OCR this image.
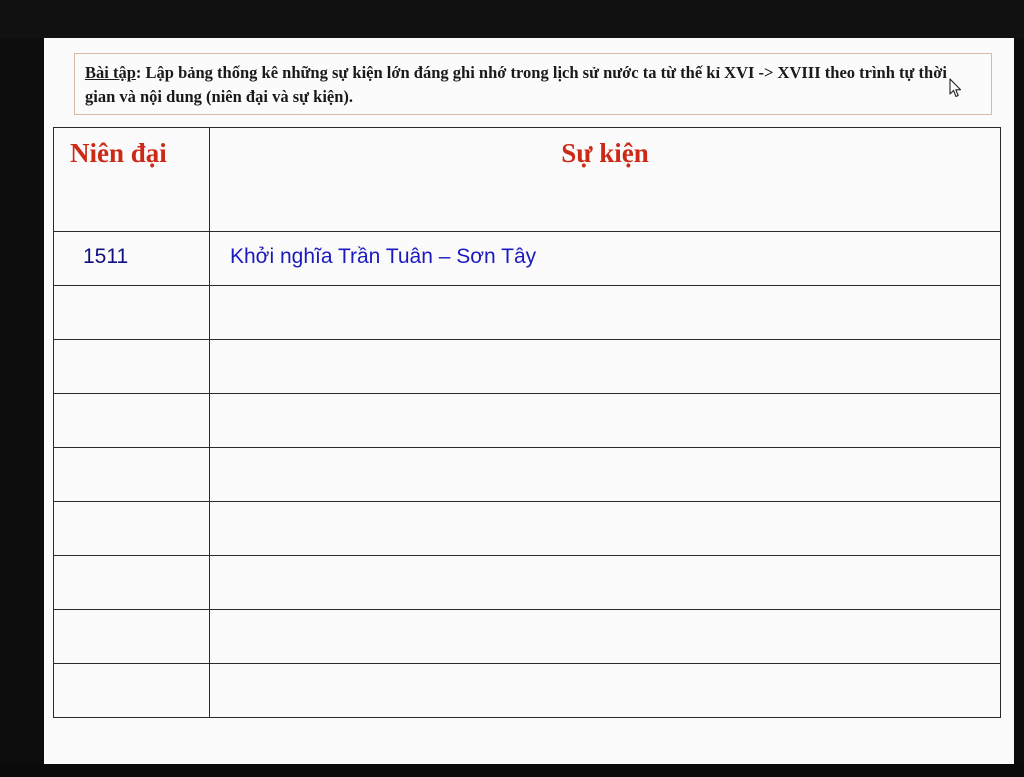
Bài tập: Lập bảng thống kê những sự kiện lớn đáng ghi nhớ trong lịch sử nước ta từ thế kỉ XVI -> XVIII theo trình tự thời gian và nội dung (niên đại và sự kiện).
Niên đại	Sự kiện

1511	Khởi nghĩa Trần Tuân – Sơn Tây
